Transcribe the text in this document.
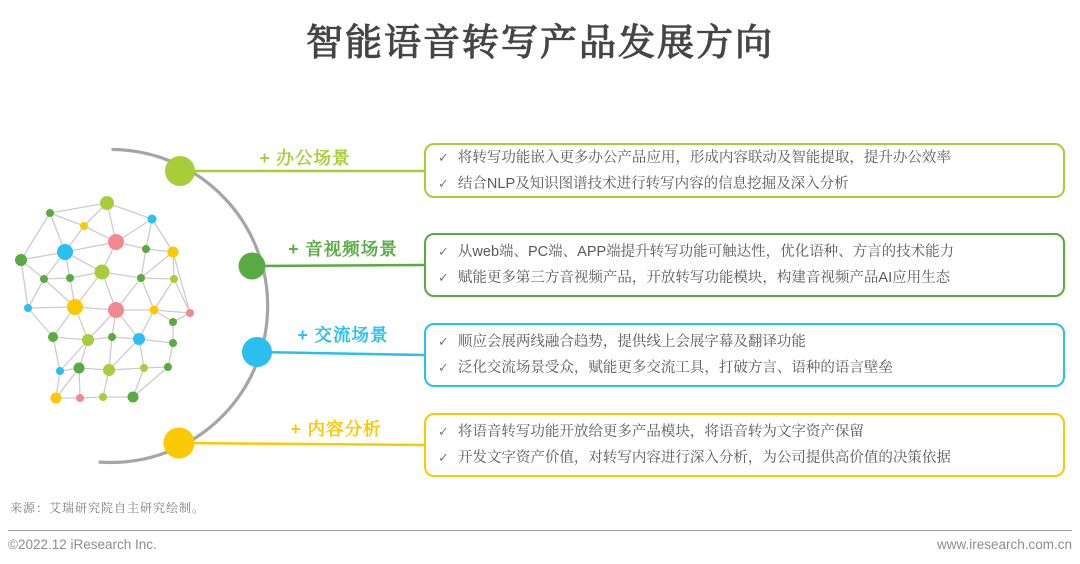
智能语音转写产品发展方向
+ 办公场景
+ 音视频场景
+ 交流场景
+ 内容分析
✓ 将转写功能嵌入更多办公产品应用，形成内容联动及智能提取，提升办公效率
✓ 结合NLP及知识图谱技术进行转写内容的信息挖掘及深入分析
✓ 从web端、PC端、APP端提升转写功能可触达性，优化语种、方言的技术能力
✓ 赋能更多第三方音视频产品，开放转写功能模块，构建音视频产品AI应用生态
✓ 顺应会展两线融合趋势，提供线上会展字幕及翻译功能
✓ 泛化交流场景受众，赋能更多交流工具，打破方言、语种的语言壁垒
✓ 将语音转写功能开放给更多产品模块，将语音转为文字资产保留
✓ 开发文字资产价值，对转写内容进行深入分析，为公司提供高价值的决策依据
来源：艾瑞研究院自主研究绘制。
©2022.12 iResearch Inc.	www.iresearch.com.cn
